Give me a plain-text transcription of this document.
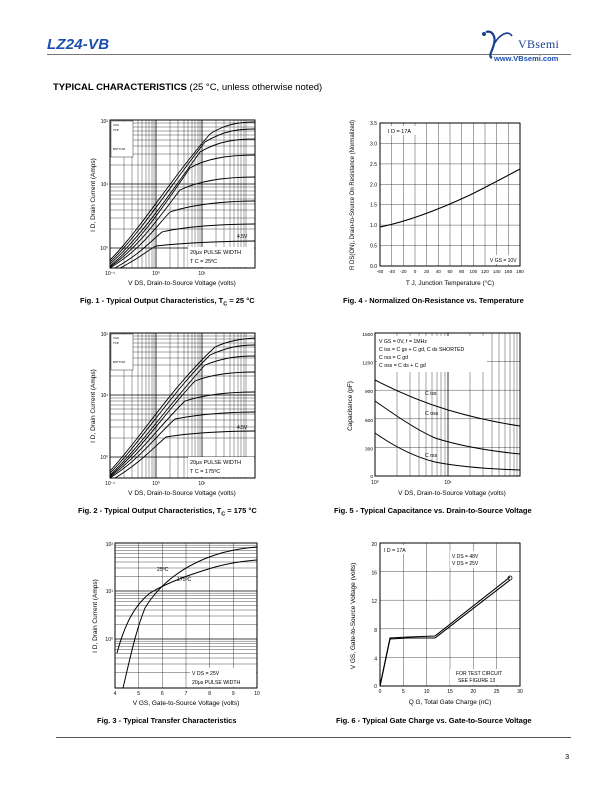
LZ24-VB	VBsemi
www.VBsemi.com
TYPICAL CHARACTERISTICS (25 °C, unless otherwise noted)
VGS
TOP
BOTTOM
4.5V
20μs PULSE WIDTH
T C = 25ºC
10⁻¹	10⁰	10¹
10²
10¹
10⁰
V DS, Drain-to-Source Voltage (volts)
I D, Drain Current (Amps)
Fig. 1 - Typical Output Characteristics, $T_C = 25$ °C
I D = 17A
V GS = 10V
-60 -40 -20 0 20 40 60 80 100 120 140 160 180
3.5
3.0
2.5
2.0
1.5
1.0
0.5
0.0
T J, Junction Temperature (°C)
R DS(ON), Drain-to-Source On Resistance (Normalized)
Fig. 4 - Normalized On-Resistance vs. Temperature
VGS
TOP
BOTTOM
4.5V
20μs PULSE WIDTH
T C = 175ºC
10⁻¹	10⁰	10¹
10²
10¹
10⁰
V DS, Drain-to-Source Voltage (volts)
I D, Drain Current (Amps)
Fig. 2 - Typical Output Characteristics, $T_C = 175$ °C
V GS = 0V, f = 1MHz
C iss = C gs + C gd, C ds SHORTED
C rss = C gd
C oss = C ds + C gd
C iss
C oss
C rss
10⁰	10¹
1500
1200
900
600
300
0
V DS, Drain-to-Source Voltage (volts)
Capacitance (pF)
Fig. 5 - Typical Capacitance vs. Drain-to-Source Voltage
25ºC
175ºC
V DS = 25V
20μs PULSE WIDTH
4	5	6	7	8	9	10
10²
10¹
10⁰
V GS, Gate-to-Source Voltage (volts)
I D, Drain Current (Amps)
Fig. 3 - Typical Transfer Characteristics
I D = 17A
V DS = 48V
V DS = 25V
FOR TEST CIRCUIT
SEE FIGURE 13
0	5	10	15	20	25	30
20
16
12
8
4
0
Q G, Total Gate Charge (nC)
V GS, Gate-to-Source Voltage (volts)
Fig. 6 - Typical Gate Charge vs. Gate-to-Source Voltage
3
